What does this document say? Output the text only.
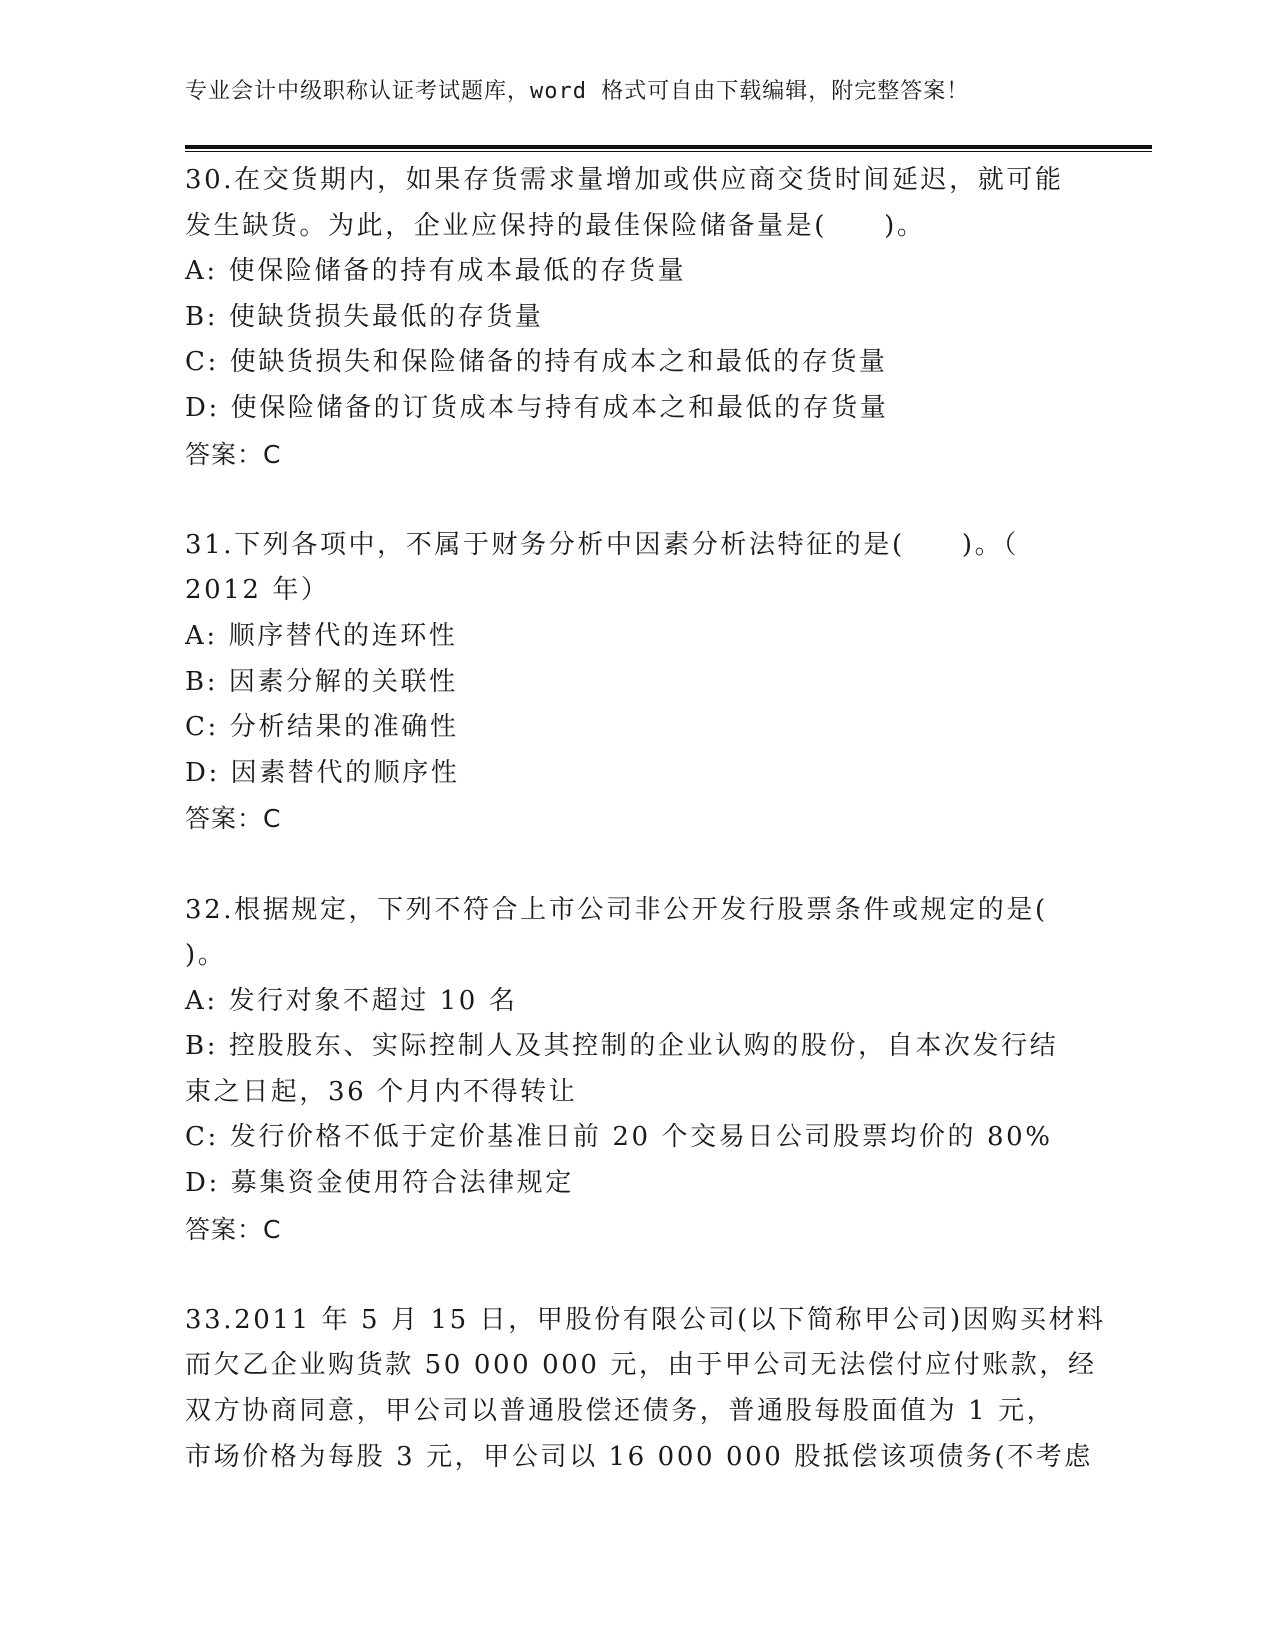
专业会计中级职称认证考试题库，word 格式可自由下载编辑，附完整答案！
30.在交货期内，如果存货需求量增加或供应商交货时间延迟，就可能
发生缺货。为此，企业应保持的最佳保险储备量是(　　)。
A: 使保险储备的持有成本最低的存货量
B: 使缺货损失最低的存货量
C: 使缺货损失和保险储备的持有成本之和最低的存货量
D: 使保险储备的订货成本与持有成本之和最低的存货量
答案：C
31.下列各项中，不属于财务分析中因素分析法特征的是(　　)。（
2012 年）
A: 顺序替代的连环性
B: 因素分解的关联性
C: 分析结果的准确性
D: 因素替代的顺序性
答案：C
32.根据规定，下列不符合上市公司非公开发行股票条件或规定的是(
)。
A: 发行对象不超过 10 名
B: 控股股东、实际控制人及其控制的企业认购的股份，自本次发行结
束之日起，36 个月内不得转让
C: 发行价格不低于定价基准日前 20 个交易日公司股票均价的 80%
D: 募集资金使用符合法律规定
答案：C
33.2011 年 5 月 15 日，甲股份有限公司(以下简称甲公司)因购买材料
而欠乙企业购货款 50 000 000 元，由于甲公司无法偿付应付账款，经
双方协商同意，甲公司以普通股偿还债务，普通股每股面值为 1 元，
市场价格为每股 3 元，甲公司以 16 000 000 股抵偿该项债务(不考虑
